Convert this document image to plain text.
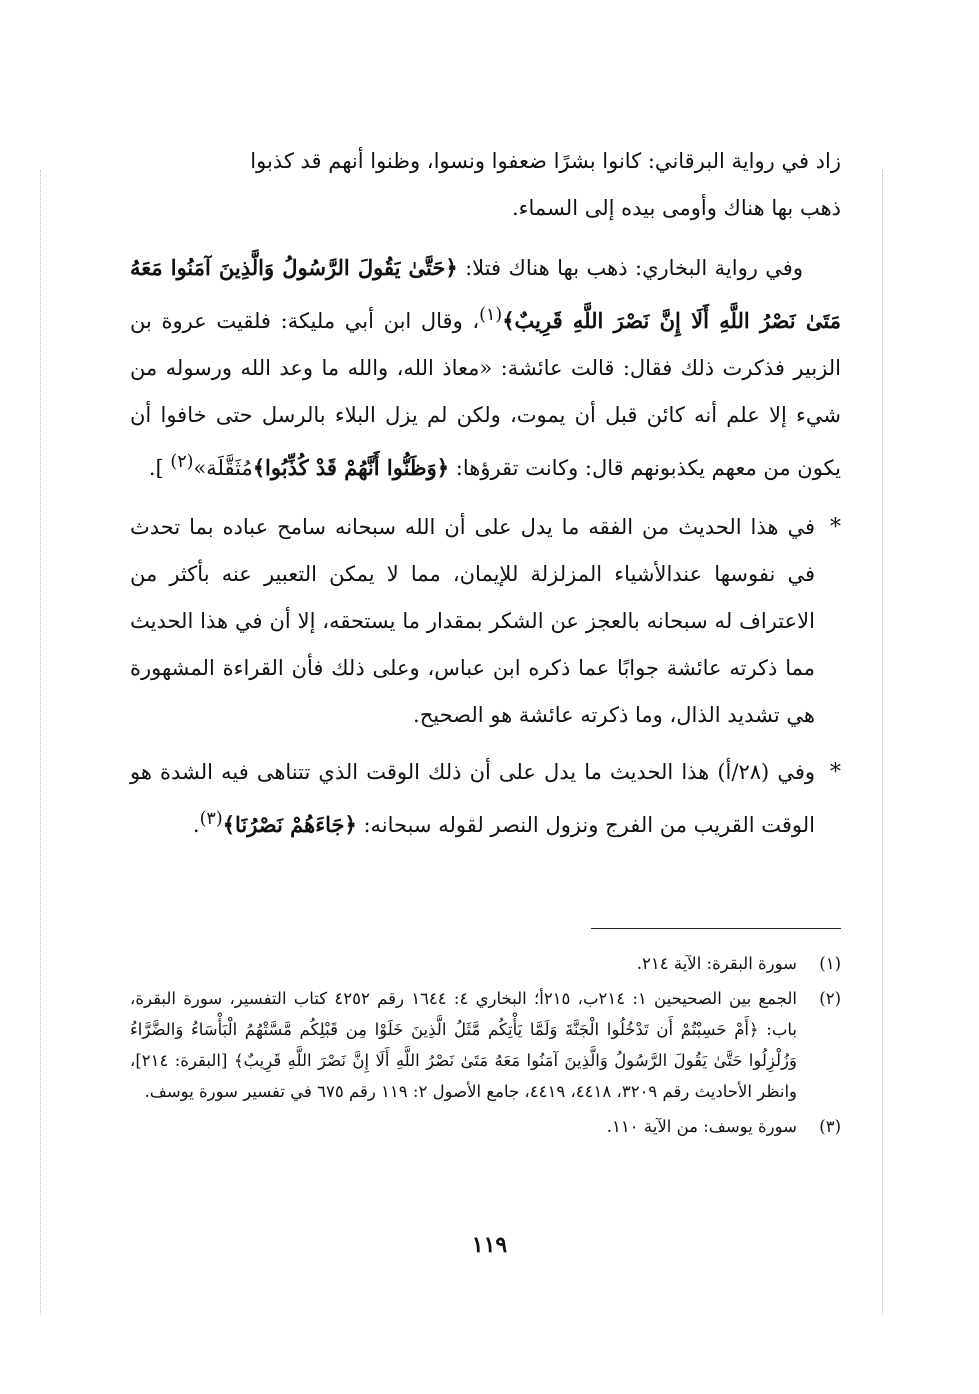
زاد في رواية البرقاني: كانوا بشرًا ضعفوا ونسوا، وظنوا أنهم قد كذبوا
ذهب بها هناك وأومى بيده إلى السماء.

وفي رواية البخاري: ذهب بها هناك فتلا: ﴿حَتَّىٰ يَقُولَ الرَّسُولُ وَالَّذِينَ آمَنُوا مَعَهُ مَتَىٰ نَصْرُ اللَّهِ أَلَا إِنَّ نَصْرَ اللَّهِ قَرِيبٌ﴾$^{(١)}$، وقال ابن أبي مليكة: فلقيت عروة بن الزبير فذكرت ذلك فقال: قالت عائشة: «معاذ الله، والله ما وعد الله ورسوله من شيء إلا علم أنه كائن قبل أن يموت، ولكن لم يزل البلاء بالرسل حتى خافوا أن يكون من معهم يكذبونهم قال: وكانت تقرؤها: ﴿وَظَنُّوا أَنَّهُمْ قَدْ كُذِّبُوا﴾مُثَقَّلَة»$^{(٢)}$ ].

*
في هذا الحديث من الفقه ما يدل على أن الله سبحانه سامح عباده بما تحدث في نفوسها عندالأشياء المزلزلة للإيمان، مما لا يمكن التعبير عنه بأكثر من الاعتراف له سبحانه بالعجز عن الشكر بمقدار ما يستحقه، إلا أن في هذا الحديث مما ذكرته عائشة جوابًا عما ذكره ابن عباس، وعلى ذلك فأن القراءة المشهورة هي تشديد الذال، وما ذكرته عائشة هو الصحيح.
*
وفي (٢٨/أ) هذا الحديث ما يدل على أن ذلك الوقت الذي تتناهى فيه الشدة هو الوقت القريب من الفرج ونزول النصر لقوله سبحانه: ﴿جَاءَهُمْ نَصْرُنَا﴾$^{(٣)}$.
(١)
سورة البقرة: الآية ٢١٤.
(٢)
الجمع بين الصحيحين ١: ٢١٤ب، ٢١٥أ؛ البخاري ٤: ١٦٤٤ رقم ٤٢٥٢ كتاب التفسير، سورة البقرة، باب: ﴿أَمْ حَسِبْتُمْ أَن تَدْخُلُوا الْجَنَّةَ وَلَمَّا يَأْتِكُم مَّثَلُ الَّذِينَ خَلَوْا مِن قَبْلِكُم مَّسَّتْهُمُ الْبَأْسَاءُ وَالضَّرَّاءُ وَزُلْزِلُوا حَتَّىٰ يَقُولَ الرَّسُولُ وَالَّذِينَ آمَنُوا مَعَهُ مَتَىٰ نَصْرُ اللَّهِ أَلَا إِنَّ نَصْرَ اللَّهِ قَرِيبٌ﴾ [البقرة: ٢١٤]، وانظر الأحاديث رقم ٣٢٠٩، ٤٤١٨، ٤٤١٩، جامع الأصول ٢: ١١٩ رقم ٦٧٥ في تفسير سورة يوسف.
(٣)
سورة يوسف: من الآية ١١٠.
١١٩
